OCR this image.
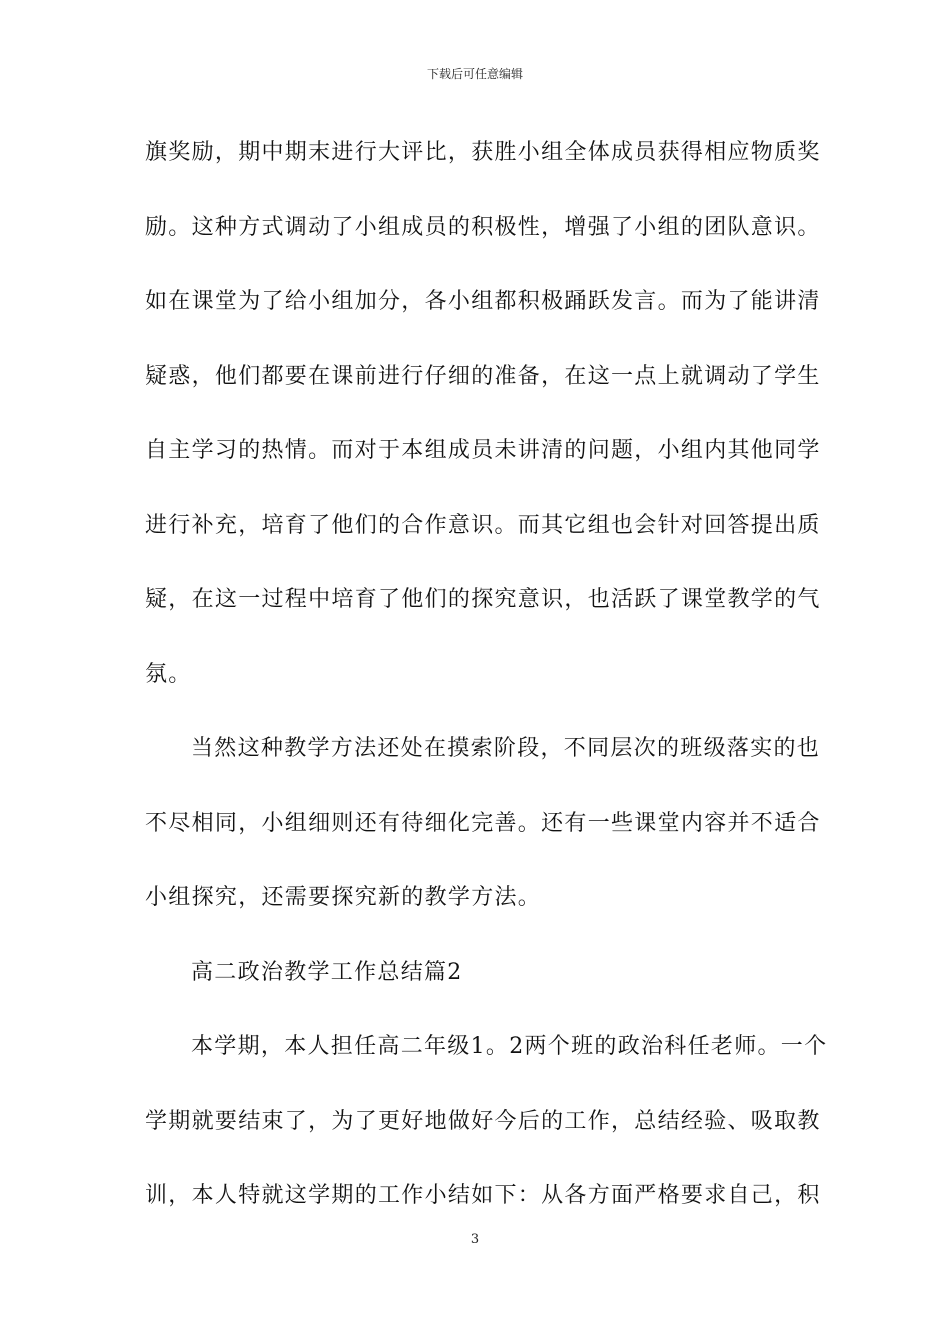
下载后可任意编辑
旗奖励，期中期末进行大评比，获胜小组全体成员获得相应物质奖
励。这种方式调动了小组成员的积极性，增强了小组的团队意识。
如在课堂为了给小组加分，各小组都积极踊跃发言。而为了能讲清
疑惑，他们都要在课前进行仔细的准备，在这一点上就调动了学生
自主学习的热情。而对于本组成员未讲清的问题，小组内其他同学
进行补充，培育了他们的合作意识。而其它组也会针对回答提出质
疑，在这一过程中培育了他们的探究意识，也活跃了课堂教学的气
氛。
当然这种教学方法还处在摸索阶段，不同层次的班级落实的也
不尽相同，小组细则还有待细化完善。还有一些课堂内容并不适合
小组探究，还需要探究新的教学方法。
高二政治教学工作总结篇2
本学期，本人担任高二年级1。2两个班的政治科任老师。一个
学期就要结束了，为了更好地做好今后的工作，总结经验、吸取教
训，本人特就这学期的工作小结如下：从各方面严格要求自己，积
3
